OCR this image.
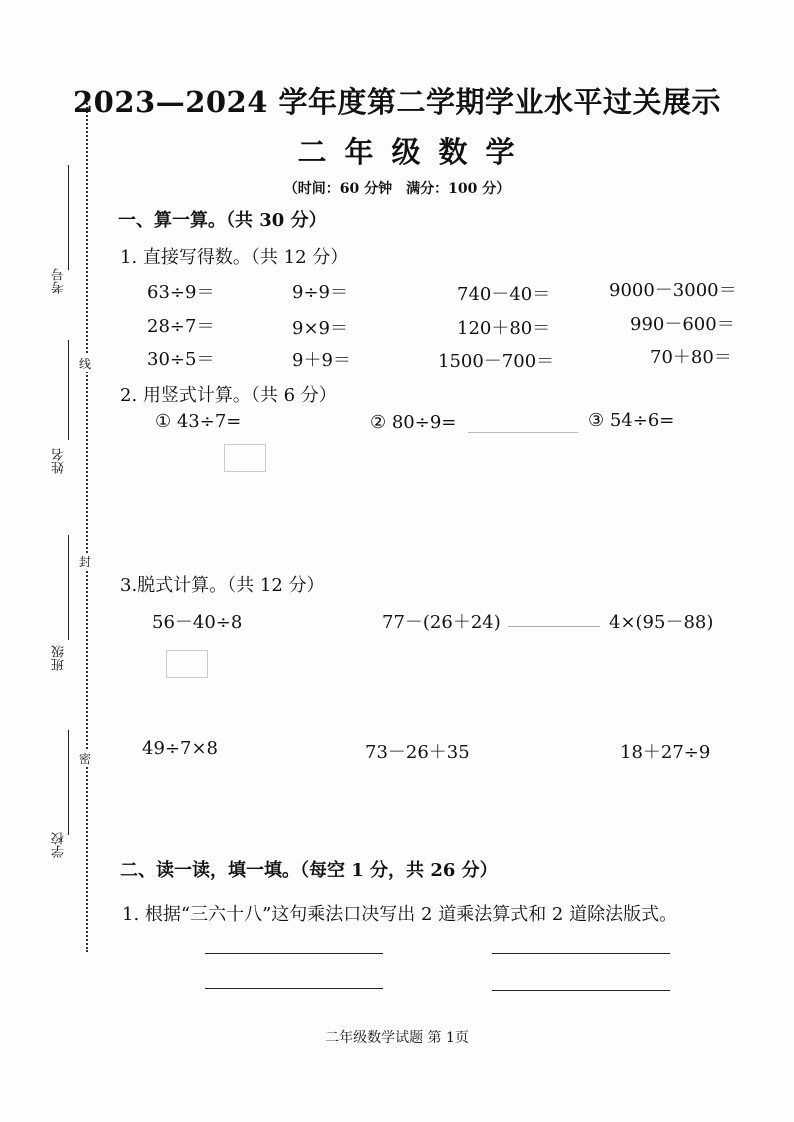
考号
姓名
班级
学校
线
封
密
2023—2024 学年度第二学期学业水平过关展示
二年级数学
（时间：60 分钟　满分：100 分）
一、算一算。（共 30 分）
1. 直接写得数。（共 12 分）
63÷9＝	9÷9＝	740－40＝	9000－3000＝
28÷7＝	9×9＝	120＋80＝	990－600＝
30÷5＝	9＋9＝	1500－700＝	70＋80＝
2. 用竖式计算。（共 6 分）
① 43÷7=	② 80÷9=	③ 54÷6=
3.脱式计算。（共 12 分）
56－40÷8	77－(26＋24)	4×(95－88)
49÷7×8	73－26＋35	18＋27÷9
二、读一读，填一填。（每空 1 分，共 26 分）
1. 根据“三六十八”这句乘法口决写出 2 道乘法算式和 2 道除法版式。
二年级数学试题 第 1页
